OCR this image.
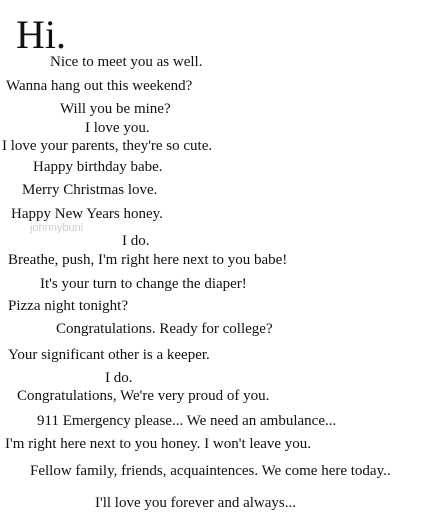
Hi.
johnnybuni
Nice to meet you as well.
Wanna hang out this weekend?
Will you be mine?
I love you.
I love your parents, they're so cute.
Happy birthday babe.
Merry Christmas love.
Happy New Years honey.
I do.
Breathe, push, I'm right here next to you babe!
It's your turn to change the diaper!
Pizza night tonight?
Congratulations. Ready for college?
Your significant other is a keeper.
I do.
Congratulations, We're very proud of you.
911 Emergency please... We need an ambulance...
I'm right here next to you honey. I won't leave you.
Fellow family, friends, acquaintences. We come here today..
I'll love you forever and always...
